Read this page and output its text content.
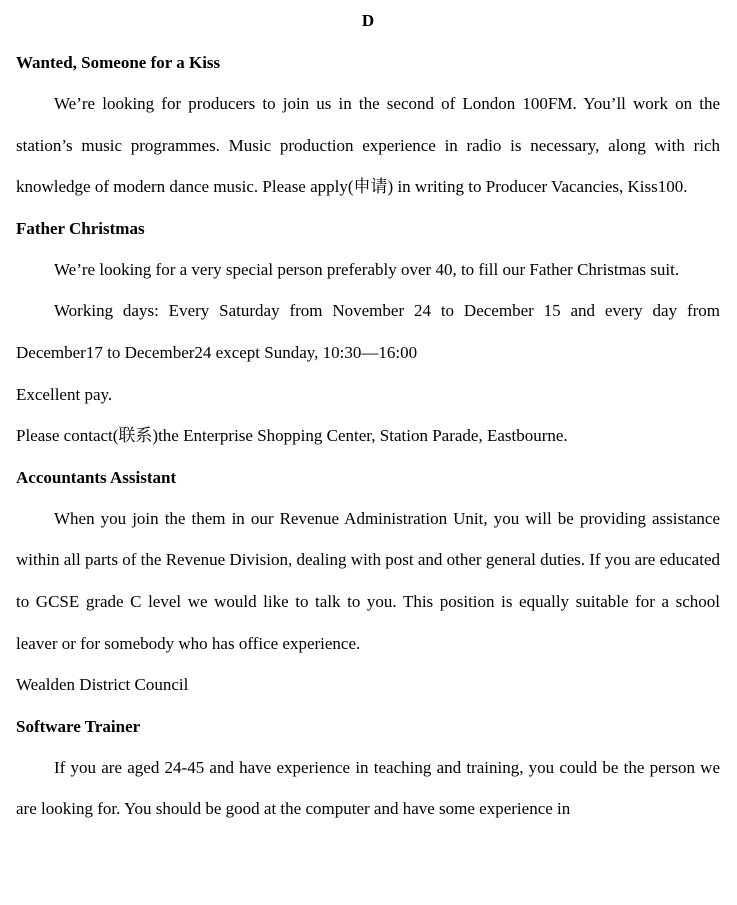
D

Wanted, Someone for a Kiss

We’re looking for producers to join us in the second of London 100FM. You’ll work on the station’s music programmes. Music production experience in radio is necessary, along with rich knowledge of modern dance music. Please apply(申请) in writing to Producer Vacancies, Kiss100.

Father Christmas

We’re looking for a very special person preferably over 40, to fill our Father Christmas suit.

Working days: Every Saturday from November 24 to December 15 and every day from December17 to December24 except Sunday, 10:30—16:00

Excellent pay.

Please contact(联系)the Enterprise Shopping Center, Station Parade, Eastbourne.

Accountants Assistant

When you join the them in our Revenue Administration Unit, you will be providing assistance within all parts of the Revenue Division, dealing with post and other general duties. If you are educated to GCSE grade C level we would like to talk to you. This position is equally suitable for a school leaver or for somebody who has office experience.

Wealden District Council

Software Trainer

If you are aged 24-45 and have experience in teaching and training, you could be the person we are looking for. You should be good at the computer and have some experience in
